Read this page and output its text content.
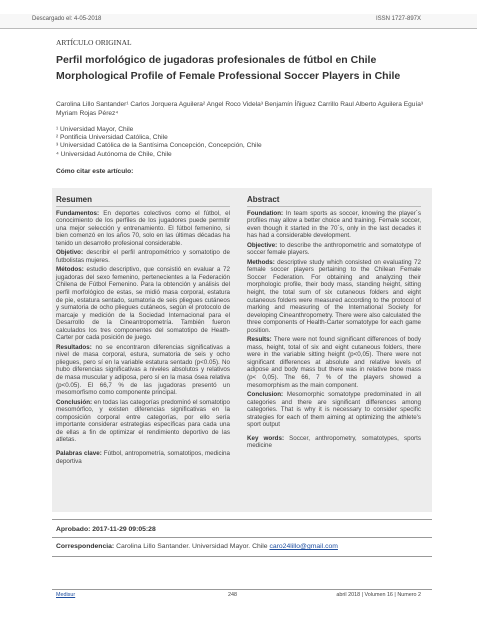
Descargado el: 4-05-2018	ISSN 1727-897X
ARTÍCULO ORIGINAL
Perfil morfológico de jugadoras profesionales de fútbol en Chile
Morphological Profile of Female Professional Soccer Players in Chile
Carolina Lillo Santander¹ Carlos Jorquera Aguilera² Angel Roco Videla³ Benjamín Íñiguez Carrillo Raul Alberto Aguilera Eguía³ Myriam Rojas Pérez⁴
¹ Universidad Mayor, Chile
² Pontificia Universidad Católica, Chile
³ Universidad Católica de la Santísima Concepción, Concepción, Chile
⁴ Universidad Autónoma de Chile, Chile
Cómo citar este artículo:
Resumen

Fundamentos: En deportes colectivos como el fútbol, el conocimiento de los perfiles de los jugadores puede permitir una mejor selección y entrenamiento. El fútbol femenino, si bien comenzó en los años 70, solo en las últimas décadas ha tenido un desarrollo profesional considerable.

Objetivo: describir el perfil antropométrico y somatotipo de futbolistas mujeres.

Métodos: estudio descriptivo, que consistió en evaluar a 72 jugadoras del sexo femenino, pertenecientes a la Federación Chilena de Fútbol Femenino. Para la obtención y análisis del perfil morfológico de estas, se midió masa corporal, estatura de pie, estatura sentado, sumatoria de seis pliegues cutáneos y sumatoria de ocho pliegues cutáneos, según el protocolo de marcaje y medición de la Sociedad Internacional para el Desarrollo de la Cineantropometría. También fueron calculados los tres componentes del somatotipo de Heath-Carter por cada posición de juego.

Resultados: no se encontraron diferencias significativas a nivel de masa corporal, estura, sumatoria de seis y ocho pliegues, pero sí en la variable estatura sentado (p<0.05). No hubo diferencias significativas a niveles absolutos y relativos de masa muscular y adiposa, pero sí en la masa ósea relativa (p<0.05). El 66,7 % de las jugadoras presentó un mesomorfismo como componente principal.

Conclusión: en todas las categorías predominó el somatotipo mesomórfico, y existen diferencias significativas en la composición corporal entre categorías, por ello sería importante considerar estrategias específicas para cada una de ellas a fin de optimizar el rendimiento deportivo de las atletas.

Palabras clave: Fútbol, antropometría, somatotipos, medicina deportiva

Abstract

Foundation: In team sports as soccer, knowing the player´s profiles may allow a better choice and training. Female soccer, even though it started in the 70´s, only in the last decades it has had a considerable development.

Objective: to describe the anthropometric and somatotype of soccer female players.

Methods: descriptive study which consisted on evaluating 72 female soccer players pertaining to the Chilean Female Soccer Federation. For obtaining and analyzing their morphologic profile, their body mass, standing height, sitting height, the total sum of six cutaneous folders and eight cutaneous folders were measured according to the protocol of marking and measuring of the International Society for developing Cineanthropometry. There were also calculated the three components of Health-Carter somatotype for each game position.

Results: There were not found significant differences of body mass, height, total of six and eight cutaneous folders, there were in the variable sitting height (p<0,05). There were not significant differences at absolute and relative levels of adipose and body mass but there was in relative bone mass (p< 0,05). The 66, 7 % of the players showed a mesomorphism as the main component.

Conclusion: Mesomorphic somatotype predominated in all categories and there are significant differences among categories. That is why it is necessary to consider specific strategies for each of them aiming at optimizing the athlete's sport output

Key words: Soccer, anthropometry, somatotypes, sports medicine

Aprobado: 2017-11-29 09:05:28
Correspondencia: Carolina Lillo Santander. Universidad Mayor. Chile caro24lillo@gmail.com
Medisur	248	abril 2018 | Volumen 16 | Numero 2
